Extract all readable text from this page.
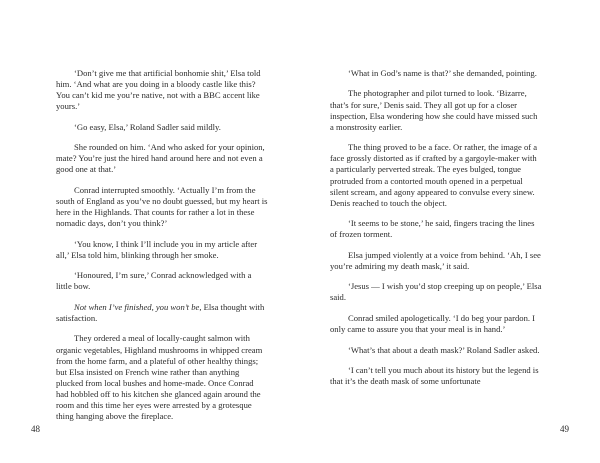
‘Don’t give me that artificial bonhomie shit,’ Elsa told him. ‘And what are you doing in a bloody castle like this? You can’t kid me you’re native, not with a BBC accent like yours.’

‘Go easy, Elsa,’ Roland Sadler said mildly.

She rounded on him. ‘And who asked for your opinion, mate? You’re just the hired hand around here and not even a good one at that.’

Conrad interrupted smoothly. ‘Actually I’m from the south of England as you’ve no doubt guessed, but my heart is here in the Highlands. That counts for rather a lot in these nomadic days, don’t you think?’

‘You know, I think I’ll include you in my article after all,’ Elsa told him, blinking through her smoke.

‘Honoured, I’m sure,’ Conrad acknowledged with a little bow.

Not when I’ve finished, you won’t be, Elsa thought with satisfaction.

They ordered a meal of locally-caught salmon with organic vegetables, Highland mushrooms in whipped cream from the home farm, and a plateful of other healthy things; but Elsa insisted on French wine rather than anything plucked from local bushes and home-made. Once Conrad had hobbled off to his kitchen she glanced again around the room and this time her eyes were arrested by a grotesque thing hanging above the fireplace.

48

‘What in God’s name is that?’ she demanded, pointing.

The photographer and pilot turned to look. ‘Bizarre, that’s for sure,’ Denis said. They all got up for a closer inspection, Elsa wondering how she could have missed such a monstrosity earlier.

The thing proved to be a face. Or rather, the image of a face grossly distorted as if crafted by a gargoyle-maker with a particularly perverted streak. The eyes bulged, tongue protruded from a contorted mouth opened in a perpetual silent scream, and agony appeared to convulse every sinew. Denis reached to touch the object.

‘It seems to be stone,’ he said, fingers tracing the lines of frozen torment.

Elsa jumped violently at a voice from behind. ‘Ah, I see you’re admiring my death mask,’ it said.

‘Jesus — I wish you’d stop creeping up on people,’ Elsa said.

Conrad smiled apologetically. ‘I do beg your pardon. I only came to assure you that your meal is in hand.’

‘What’s that about a death mask?’ Roland Sadler asked.

‘I can’t tell you much about its history but the legend is that it’s the death mask of some unfortunate

49
